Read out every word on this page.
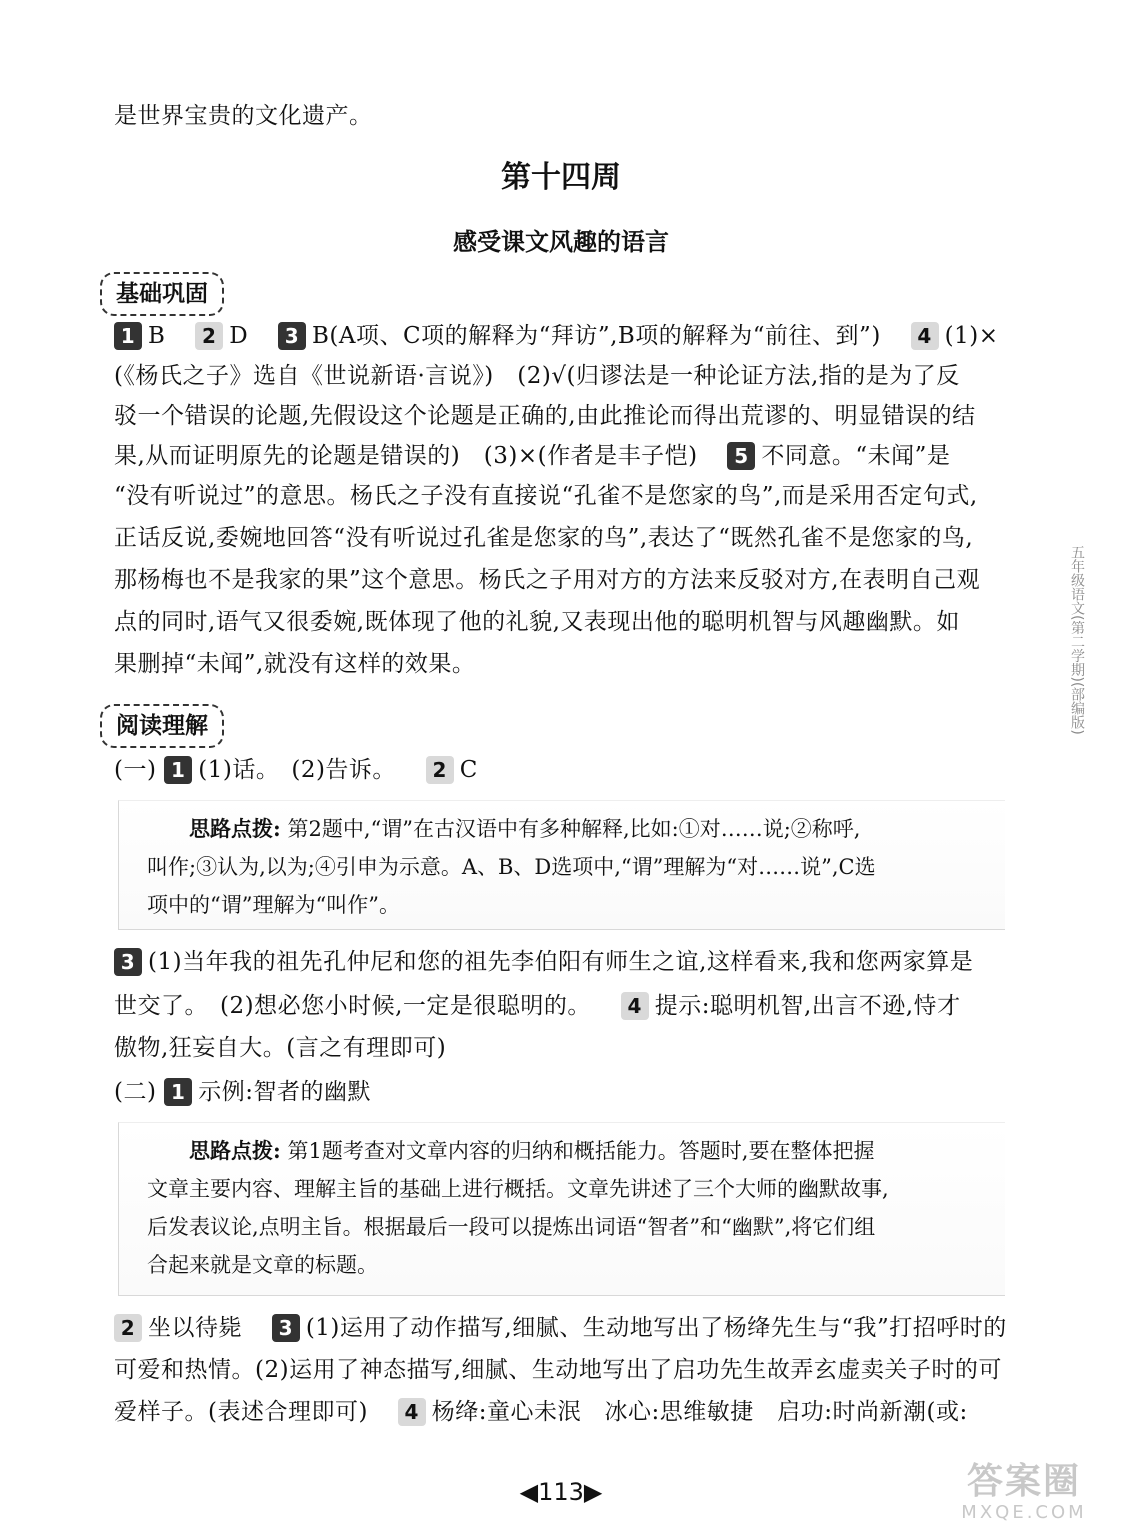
是世界宝贵的文化遗产。
第十四周
感受课文风趣的语言
基础巩固
1 B 2 D 3 B(A项、C项的解释为“拜访”,B项的解释为“前往、到”) 4 (1)×
(《杨氏之子》选自《世说新语·言说》)　(2)√(归谬法是一种论证方法,指的是为了反
驳一个错误的论题,先假设这个论题是正确的,由此推论而得出荒谬的、明显错误的结
果,从而证明原先的论题是错误的)　(3)×(作者是丰子恺) 5 不同意。“未闻”是
“没有听说过”的意思。杨氏之子没有直接说“孔雀不是您家的鸟”,而是采用否定句式,
正话反说,委婉地回答“没有听说过孔雀是您家的鸟”,表达了“既然孔雀不是您家的鸟,
那杨梅也不是我家的果”这个意思。杨氏之子用对方的方法来反驳对方,在表明自己观
点的同时,语气又很委婉,既体现了他的礼貌,又表现出他的聪明机智与风趣幽默。如
果删掉“未闻”,就没有这样的效果。
阅读理解
(一) 1 (1)话。　(2)告诉。 2 C
思路点拨: 第2题中,“谓”在古汉语中有多种解释,比如:①对……说;②称呼,
叫作;③认为,以为;④引申为示意。A、B、D选项中,“谓”理解为“对……说”,C选
项中的“谓”理解为“叫作”。
3 (1)当年我的祖先孔仲尼和您的祖先李伯阳有师生之谊,这样看来,我和您两家算是
世交了。　(2)想必您小时候,一定是很聪明的。 4 提示:聪明机智,出言不逊,恃才
傲物,狂妄自大。(言之有理即可)
(二) 1 示例:智者的幽默
思路点拨: 第1题考查对文章内容的归纳和概括能力。答题时,要在整体把握
文章主要内容、理解主旨的基础上进行概括。文章先讲述了三个大师的幽默故事,
后发表议论,点明主旨。根据最后一段可以提炼出词语“智者”和“幽默”,将它们组
合起来就是文章的标题。
2 坐以待毙 3 (1)运用了动作描写,细腻、生动地写出了杨绛先生与“我”打招呼时的
可爱和热情。(2)运用了神态描写,细腻、生动地写出了启功先生故弄玄虚卖关子时的可
爱样子。(表述合理即可) 4 杨绛:童心未泯　冰心:思维敏捷　启功:时尚新潮(或:
五年级语文(第二学期)(部编版)
◀113▶	答案圈
MXQE.COM
